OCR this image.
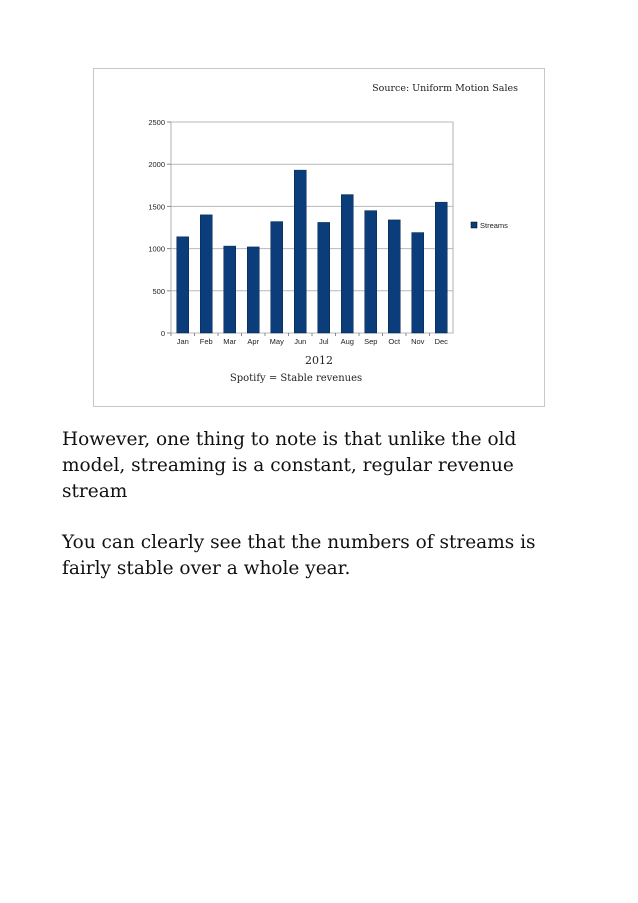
Source: Uniform Motion Sales
0
500
1000
1500
2000
2500
Jan Feb Mar Apr May Jun Jul Aug Sep Oct Nov Dec
Streams
2012
Spotify = Stable revenues
However, one thing to note is that unlike the old model, streaming is a constant, regular revenue stream
You can clearly see that the numbers of streams is fairly stable over a whole year.
